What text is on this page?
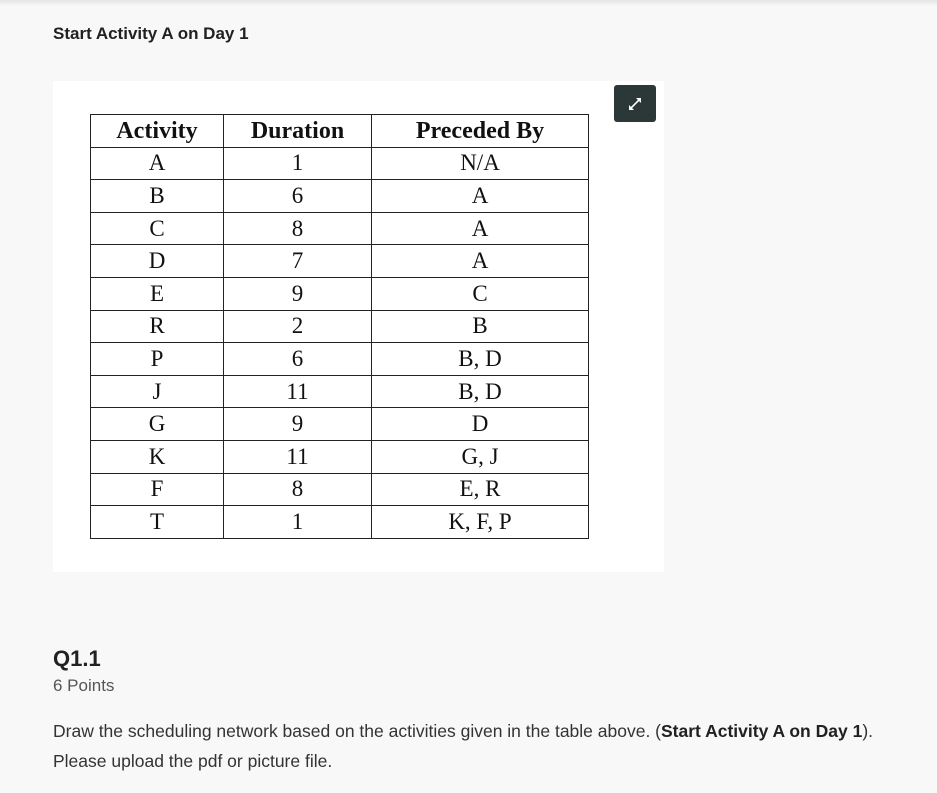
Start Activity A on Day 1
Activity	Duration	Preceded By
A	1	N/A
B	6	A
C	8	A
D	7	A
E	9	C
R	2	B
P	6	B, D
J	11	B, D
G	9	D
K	11	G, J
F	8	E, R
T	1	K, F, P
Q1.1
6 Points
Draw the scheduling network based on the activities given in the table above. (Start Activity A on Day 1). Please upload the pdf or picture file.
